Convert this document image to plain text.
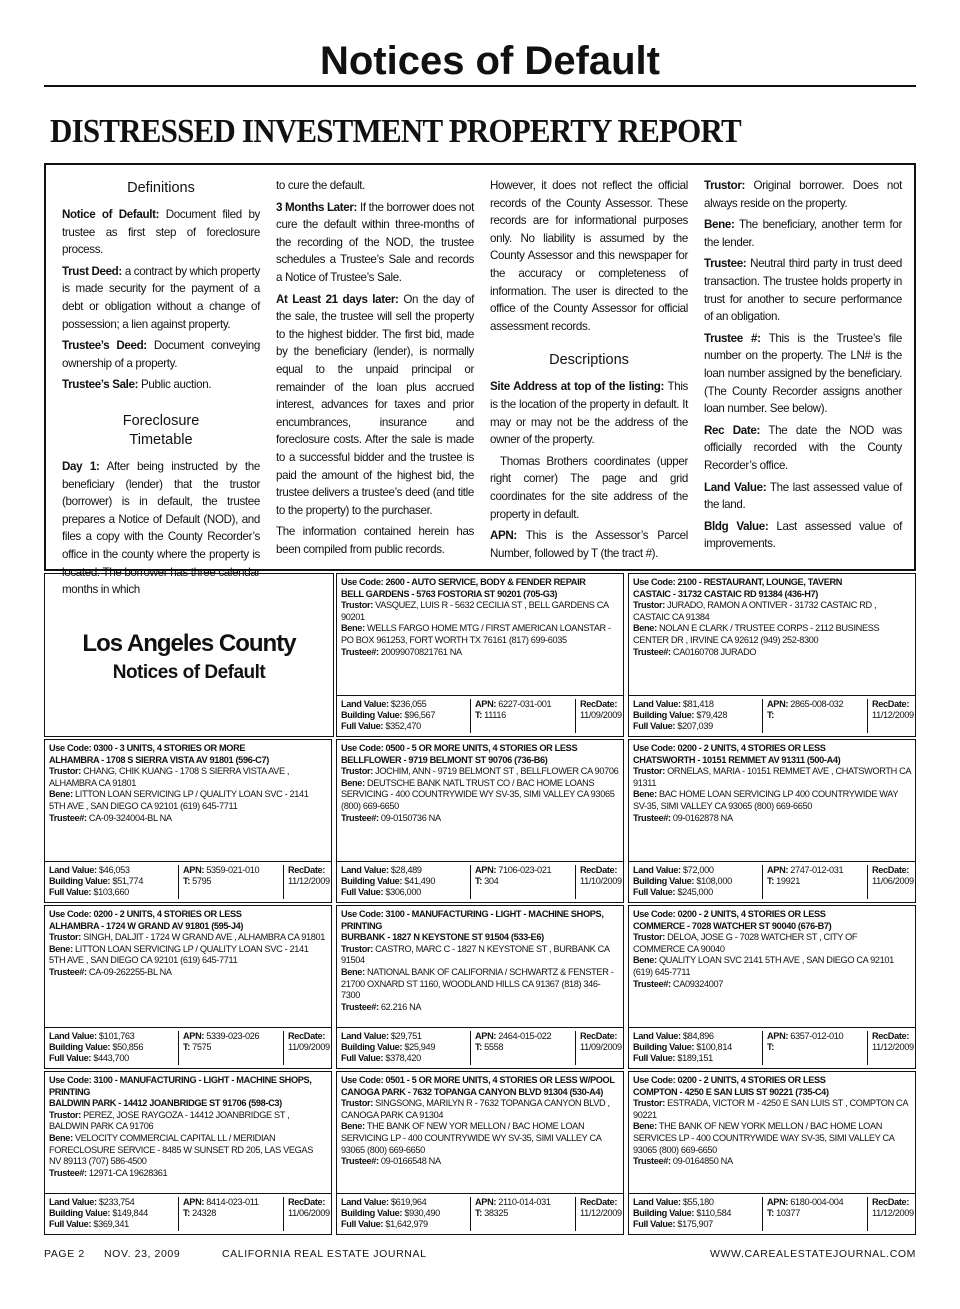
Notices of Default
DISTRESSED INVESTMENT PROPERTY REPORT

Definitions

Notice of Default: Document filed by trustee as first step of foreclosure process.

Trust Deed: a contract by which property is made security for the payment of a debt or obligation without a change of possession; a lien against property.

Trustee’s Deed: Document conveying ownership of a property.

Trustee’s Sale: Public auction.

Foreclosure
Timetable

Day 1: After being instructed by the beneficiary (lender) that the trustor (borrower) is in default, the trustee prepares a Notice of Default (NOD), and files a copy with the County Recorder’s office in the county where the property is located. The borrower has three calendar months in which

to cure the default.

3 Months Later: If the borrower does not cure the default within three-months of the recording of the NOD, the trustee schedules a Trustee’s Sale and records a Notice of Trustee’s Sale.

At Least 21 days later: On the day of the sale, the trustee will sell the property to the highest bidder. The first bid, made by the beneficiary (lender), is normally equal to the unpaid principal or remainder of the loan plus accrued interest, advances for taxes and prior encumbrances, insurance and foreclosure costs. After the sale is made to a successful bidder and the trustee is paid the amount of the highest bid, the trustee delivers a trustee’s deed (and title to the property) to the purchaser.

The information contained herein has been compiled from public records.

However, it does not reflect the official records of the County Assessor. These records are for informational purposes only. No liability is assumed by the County Assessor and this newspaper for the accuracy or completeness of information. The user is directed to the office of the County Assessor for official assessment records.

Descriptions

Site Address at top of the listing: This is the location of the property in default. It may or may not be the address of the owner of the property.

Thomas Brothers coordinates (upper right corner) The page and grid coordinates for the site address of the property in default.

APN: This is the Assessor’s Parcel Number, followed by T (the tract #).

Trustor: Original borrower. Does not always reside on the property.

Bene: The beneficiary, another term for the lender.

Trustee: Neutral third party in trust deed transaction. The trustee holds property in trust for another to secure performance of an obligation.

Trustee #: This is the Trustee’s file number on the property. The LN# is the loan number assigned by the beneficiary. (The County Recorder assigns another loan number. See below).

Rec Date: The date the NOD was officially recorded with the County Recorder’s office.

Land Value: The last assessed value of the land.

Bldg Value: Last assessed value of improvements.

Los Angeles County
Notices of Default
Use Code: 2600 - AUTO SERVICE, BODY & FENDER REPAIR
BELL GARDENS - 5763 FOSTORIA ST 90201 (705-G3)
Trustor: VASQUEZ, LUIS R - 5632 CECILIA ST , BELL GARDENS CA 90201
Bene: WELLS FARGO HOME MTG / FIRST AMERICAN LOANSTAR - PO BOX 961253, FORT WORTH TX 76161 (817) 699-6035
Trustee#: 20099070821761 NA
Land Value: $236,055
Building Value: $96,567
Full Value: $352,470
APN: 6227-031-001
T: 11116
RecDate:
11/09/2009
Use Code: 2100 - RESTAURANT, LOUNGE, TAVERN
CASTAIC - 31732 CASTAIC RD 91384 (436-H7)
Trustor: JURADO, RAMON A ONTIVER - 31732 CASTAIC RD , CASTAIC CA 91384
Bene: NOLAN E CLARK / TRUSTEE CORPS - 2112 BUSINESS CENTER DR , IRVINE CA 92612 (949) 252-8300
Trustee#: CA0160708 JURADO
Land Value: $81,418
Building Value: $79,428
Full Value: $207,039
APN: 2865-008-032
T:
RecDate:
11/12/2009
Use Code: 0300 - 3 UNITS, 4 STORIES OR MORE
ALHAMBRA - 1708 S SIERRA VISTA AV 91801 (596-C7)
Trustor: CHANG, CHIK KUANG - 1708 S SIERRA VISTA AVE , ALHAMBRA CA 91801
Bene: LITTON LOAN SERVICING LP / QUALITY LOAN SVC - 2141 5TH AVE , SAN DIEGO CA 92101 (619) 645-7711
Trustee#: CA-09-324004-BL NA
Land Value: $46,053
Building Value: $51,774
Full Value: $103,660
APN: 5359-021-010
T: 5795
RecDate:
11/12/2009
Use Code: 0500 - 5 OR MORE UNITS, 4 STORIES OR LESS
BELLFLOWER - 9719 BELMONT ST 90706 (736-B6)
Trustor: JOCHIM, ANN - 9719 BELMONT ST , BELLFLOWER CA 90706
Bene: DEUTSCHE BANK NATL TRUST CO / BAC HOME LOANS SERVICING - 400 COUNTRYWIDE WY SV-35, SIMI VALLEY CA 93065 (800) 669-6650
Trustee#: 09-0150736 NA
Land Value: $28,489
Building Value: $41,490
Full Value: $306,000
APN: 7106-023-021
T: 304
RecDate:
11/10/2009
Use Code: 0200 - 2 UNITS, 4 STORIES OR LESS
CHATSWORTH - 10151 REMMET AV 91311 (500-A4)
Trustor: ORNELAS, MARIA - 10151 REMMET AVE , CHATSWORTH CA 91311
Bene: BAC HOME LOAN SERVICING LP 400 COUNTRYWIDE WAY SV-35, SIMI VALLEY CA 93065 (800) 669-6650
Trustee#: 09-0162878 NA
Land Value: $72,000
Building Value: $108,000
Full Value: $245,000
APN: 2747-012-031
T: 19921
RecDate:
11/06/2009
Use Code: 0200 - 2 UNITS, 4 STORIES OR LESS
ALHAMBRA - 1724 W GRAND AV 91801 (595-J4)
Trustor: SINGH, DALJIT - 1724 W GRAND AVE , ALHAMBRA CA 91801
Bene: LITTON LOAN SERVICING LP / QUALITY LOAN SVC - 2141 5TH AVE , SAN DIEGO CA 92101 (619) 645-7711
Trustee#: CA-09-262255-BL NA
Land Value: $101,763
Building Value: $50,856
Full Value: $443,700
APN: 5339-023-026
T: 7575
RecDate:
11/09/2009
Use Code: 3100 - MANUFACTURING - LIGHT - MACHINE SHOPS, PRINTING
BURBANK - 1827 N KEYSTONE ST 91504 (533-E6)
Trustor: CASTRO, MARC C - 1827 N KEYSTONE ST , BURBANK CA 91504
Bene: NATIONAL BANK OF CALIFORNIA / SCHWARTZ & FENSTER - 21700 OXNARD ST 1160, WOODLAND HILLS CA 91367 (818) 346-7300
Trustee#: 62.216 NA
Land Value: $29,751
Building Value: $25,949
Full Value: $378,420
APN: 2464-015-022
T: 5558
RecDate:
11/09/2009
Use Code: 0200 - 2 UNITS, 4 STORIES OR LESS
COMMERCE - 7028 WATCHER ST 90040 (676-B7)
Trustor: DELOA, JOSE G - 7028 WATCHER ST , CITY OF COMMERCE CA 90040
Bene: QUALITY LOAN SVC 2141 5TH AVE , SAN DIEGO CA 92101 (619) 645-7711
Trustee#: CA09324007
Land Value: $84,896
Building Value: $100,814
Full Value: $189,151
APN: 6357-012-010
T:
RecDate:
11/12/2009
Use Code: 3100 - MANUFACTURING - LIGHT - MACHINE SHOPS, PRINTING
BALDWIN PARK - 14412 JOANBRIDGE ST 91706 (598-C3)
Trustor: PEREZ, JOSE RAYGOZA - 14412 JOANBRIDGE ST , BALDWIN PARK CA 91706
Bene: VELOCITY COMMERCIAL CAPITAL LL / MERIDIAN FORECLOSURE SERVICE - 8485 W SUNSET RD 205, LAS VEGAS NV 89113 (707) 586-4500
Trustee#: 12971-CA 19628361
Land Value: $233,754
Building Value: $149,844
Full Value: $369,341
APN: 8414-023-011
T: 24328
RecDate:
11/06/2009
Use Code: 0501 - 5 OR MORE UNITS, 4 STORIES OR LESS W/POOL
CANOGA PARK - 7632 TOPANGA CANYON BLVD 91304 (530-A4)
Trustor: SINGSONG, MARILYN R - 7632 TOPANGA CANYON BLVD , CANOGA PARK CA 91304
Bene: THE BANK OF NEW YOR MELLON / BAC HOME LOAN SERVICING LP - 400 COUNTRYWIDE WY SV-35, SIMI VALLEY CA 93065 (800) 669-6650
Trustee#: 09-0166548 NA
Land Value: $619,964
Building Value: $930,490
Full Value: $1,642,979
APN: 2110-014-031
T: 38325
RecDate:
11/12/2009
Use Code: 0200 - 2 UNITS, 4 STORIES OR LESS
COMPTON - 4250 E SAN LUIS ST 90221 (735-C4)
Trustor: ESTRADA, VICTOR M - 4250 E SAN LUIS ST , COMPTON CA 90221
Bene: THE BANK OF NEW YORK MELLON / BAC HOME LOAN SERVICES LP - 400 COUNTRYWIDE WAY SV-35, SIMI VALLEY CA 93065 (800) 669-6650
Trustee#: 09-0164850 NA
Land Value: $55,180
Building Value: $110,584
Full Value: $175,907
APN: 6180-004-004
T: 10377
RecDate:
11/12/2009
PAGE 2 NOV. 23, 2009	CALIFORNIA REAL ESTATE JOURNAL	WWW.CAREALESTATEJOURNAL.COM
